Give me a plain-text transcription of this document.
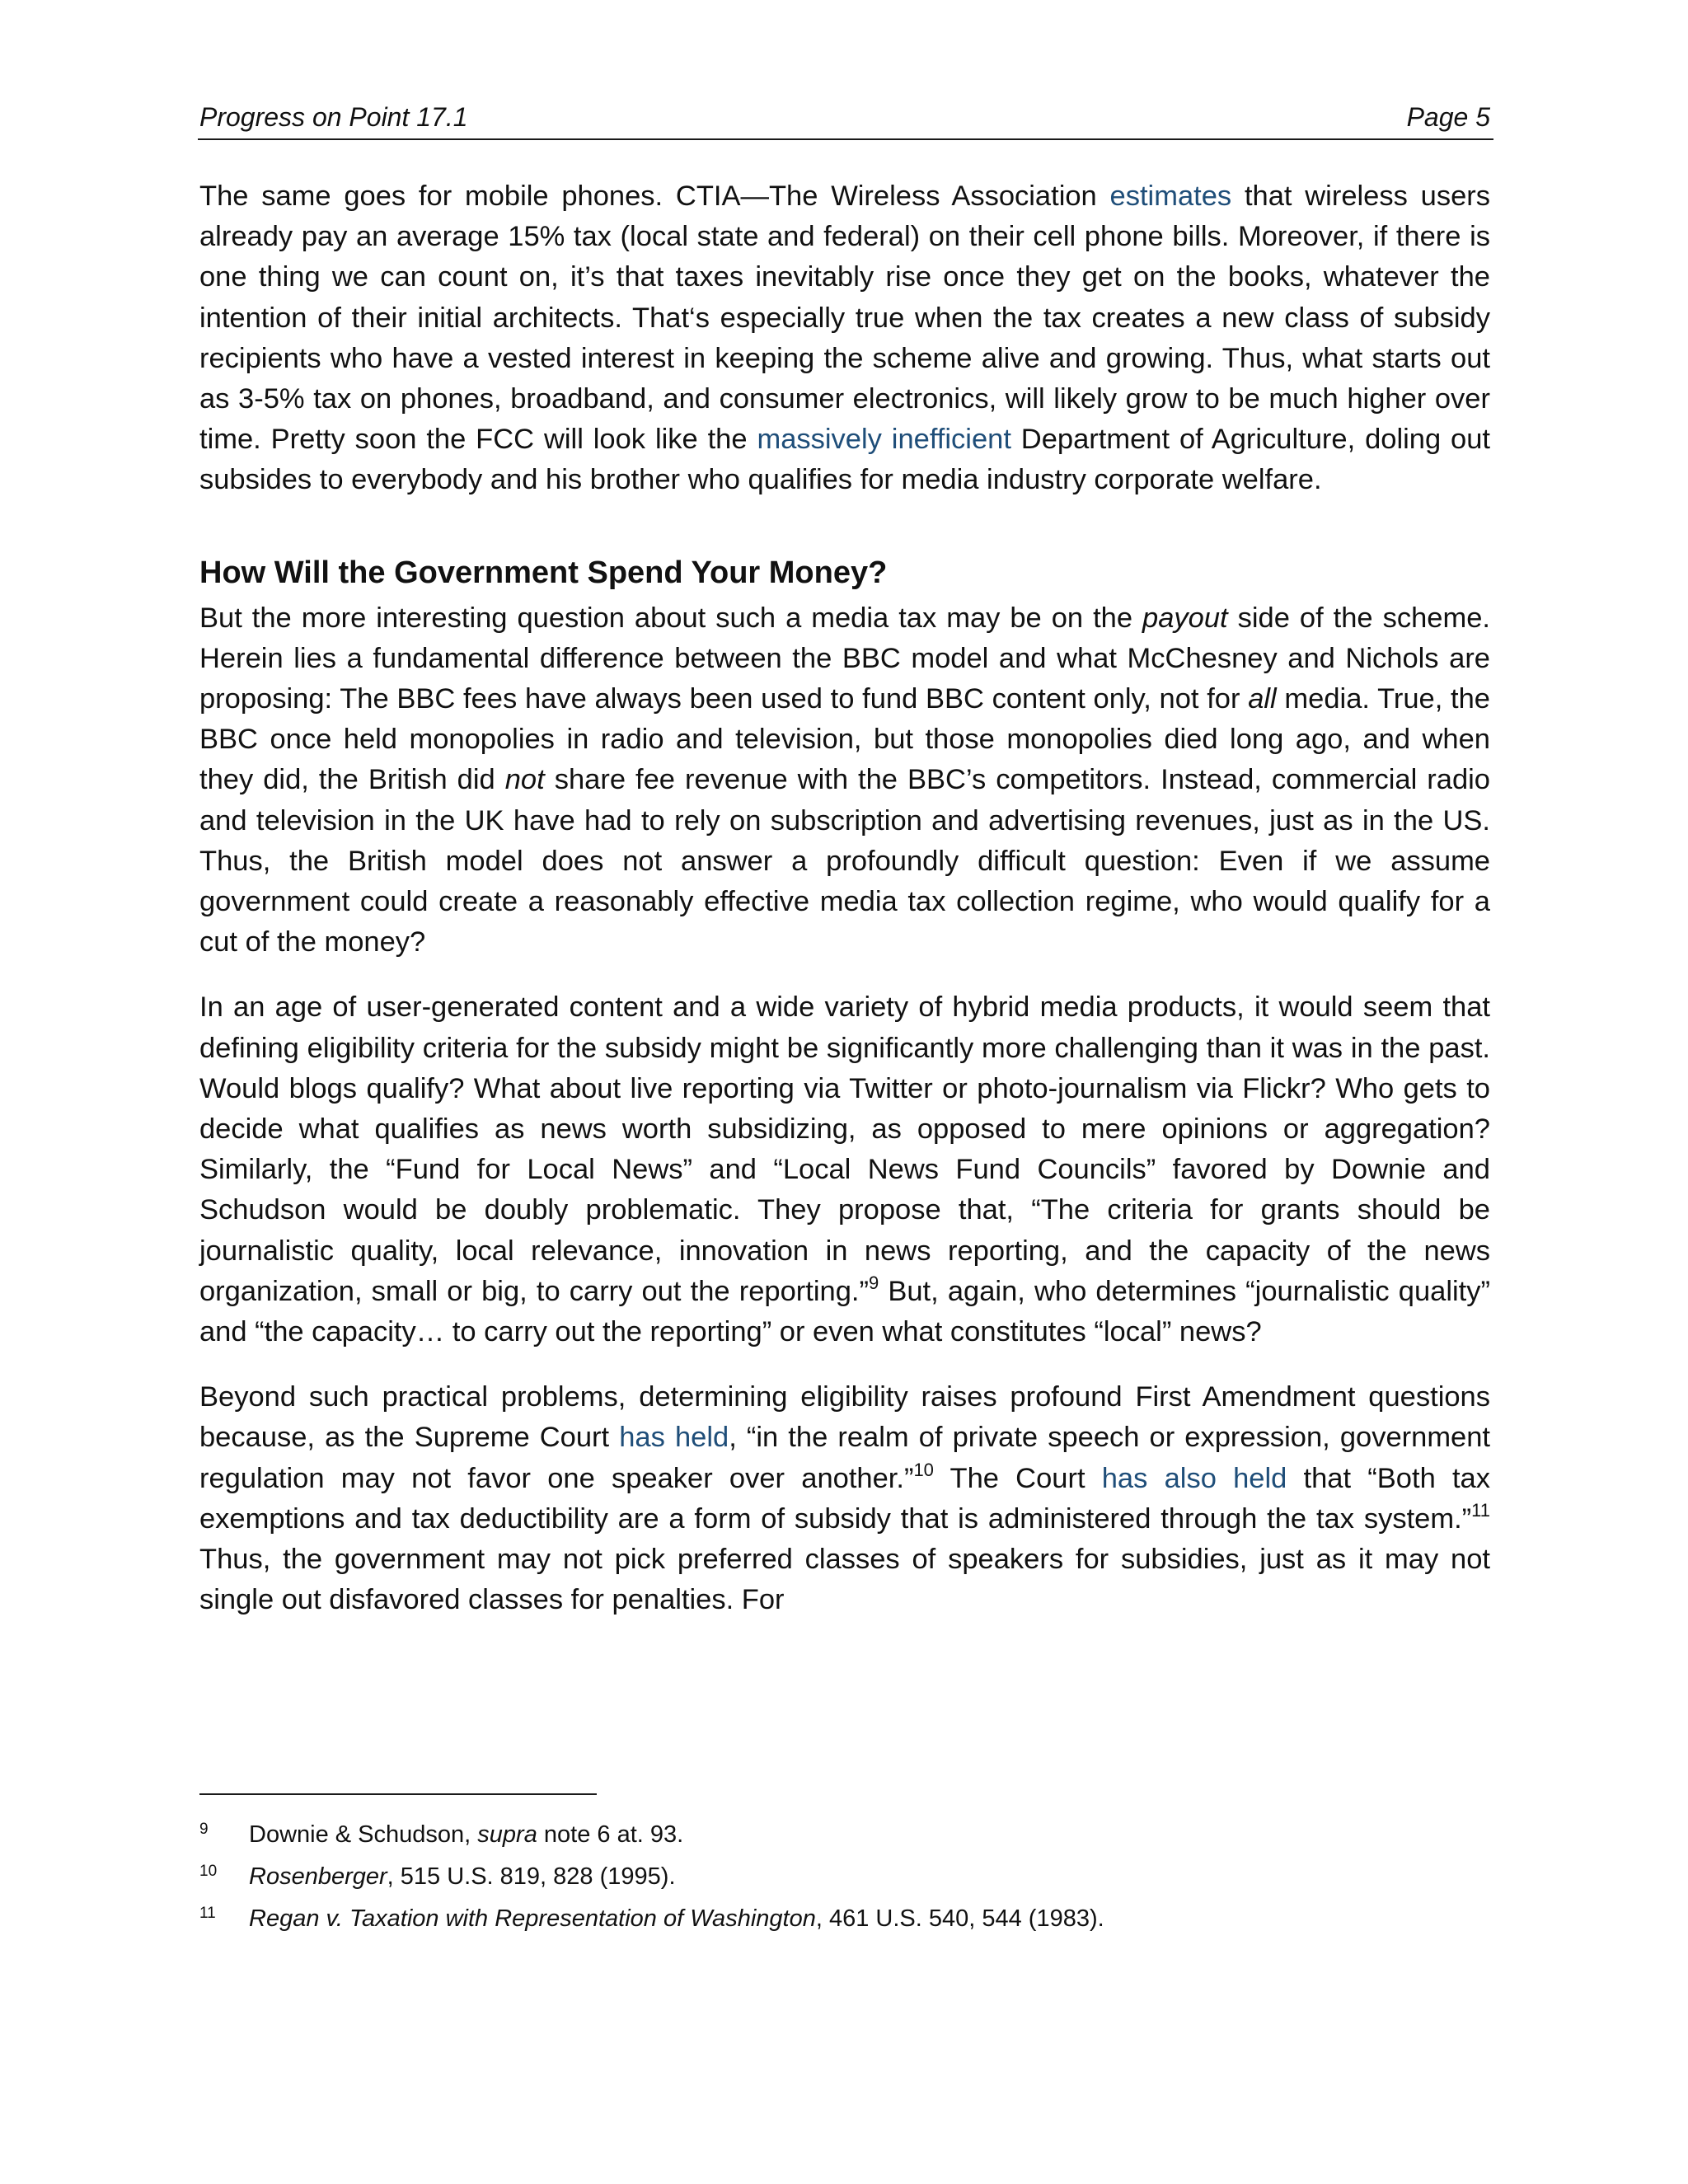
Progress on Point 17.1	Page 5

The same goes for mobile phones. CTIA—The Wireless Association estimates that wireless users already pay an average 15% tax (local state and federal) on their cell phone bills. Moreover, if there is one thing we can count on, it’s that taxes inevitably rise once they get on the books, whatever the intention of their initial architects. That‘s especially true when the tax creates a new class of subsidy recipients who have a vested interest in keeping the scheme alive and growing. Thus, what starts out as 3-5% tax on phones, broadband, and consumer electronics, will likely grow to be much higher over time. Pretty soon the FCC will look like the massively inefficient Department of Agriculture, doling out subsides to everybody and his brother who qualifies for media industry corporate welfare.

How Will the Government Spend Your Money?

But the more interesting question about such a media tax may be on the payout side of the scheme. Herein lies a fundamental difference between the BBC model and what McChesney and Nichols are proposing: The BBC fees have always been used to fund BBC content only, not for all media. True, the BBC once held monopolies in radio and television, but those monopolies died long ago, and when they did, the British did not share fee revenue with the BBC’s competitors. Instead, commercial radio and television in the UK have had to rely on subscription and advertising revenues, just as in the US. Thus, the British model does not answer a profoundly difficult question: Even if we assume government could create a reasonably effective media tax collection regime, who would qualify for a cut of the money?

In an age of user-generated content and a wide variety of hybrid media products, it would seem that defining eligibility criteria for the subsidy might be significantly more challenging than it was in the past. Would blogs qualify? What about live reporting via Twitter or photo-journalism via Flickr? Who gets to decide what qualifies as news worth subsidizing, as opposed to mere opinions or aggregation? Similarly, the “Fund for Local News” and “Local News Fund Councils” favored by Downie and Schudson would be doubly problematic. They propose that, “The criteria for grants should be journalistic quality, local relevance, innovation in news reporting, and the capacity of the news organization, small or big, to carry out the reporting.”$^9$ But, again, who determines “journalistic quality” and “the capacity… to carry out the reporting” or even what constitutes “local” news?

Beyond such practical problems, determining eligibility raises profound First Amendment questions because, as the Supreme Court has held, “in the realm of private speech or expression, government regulation may not favor one speaker over another.”$^{10}$ The Court has also held that “Both tax exemptions and tax deductibility are a form of subsidy that is administered through the tax system.”$^{11}$ Thus, the government may not pick preferred classes of speakers for subsidies, just as it may not single out disfavored classes for penalties. For

9 Downie & Schudson, supra note 6 at. 93.
10 Rosenberger, 515 U.S. 819, 828 (1995).
11 Regan v. Taxation with Representation of Washington, 461 U.S. 540, 544 (1983).
